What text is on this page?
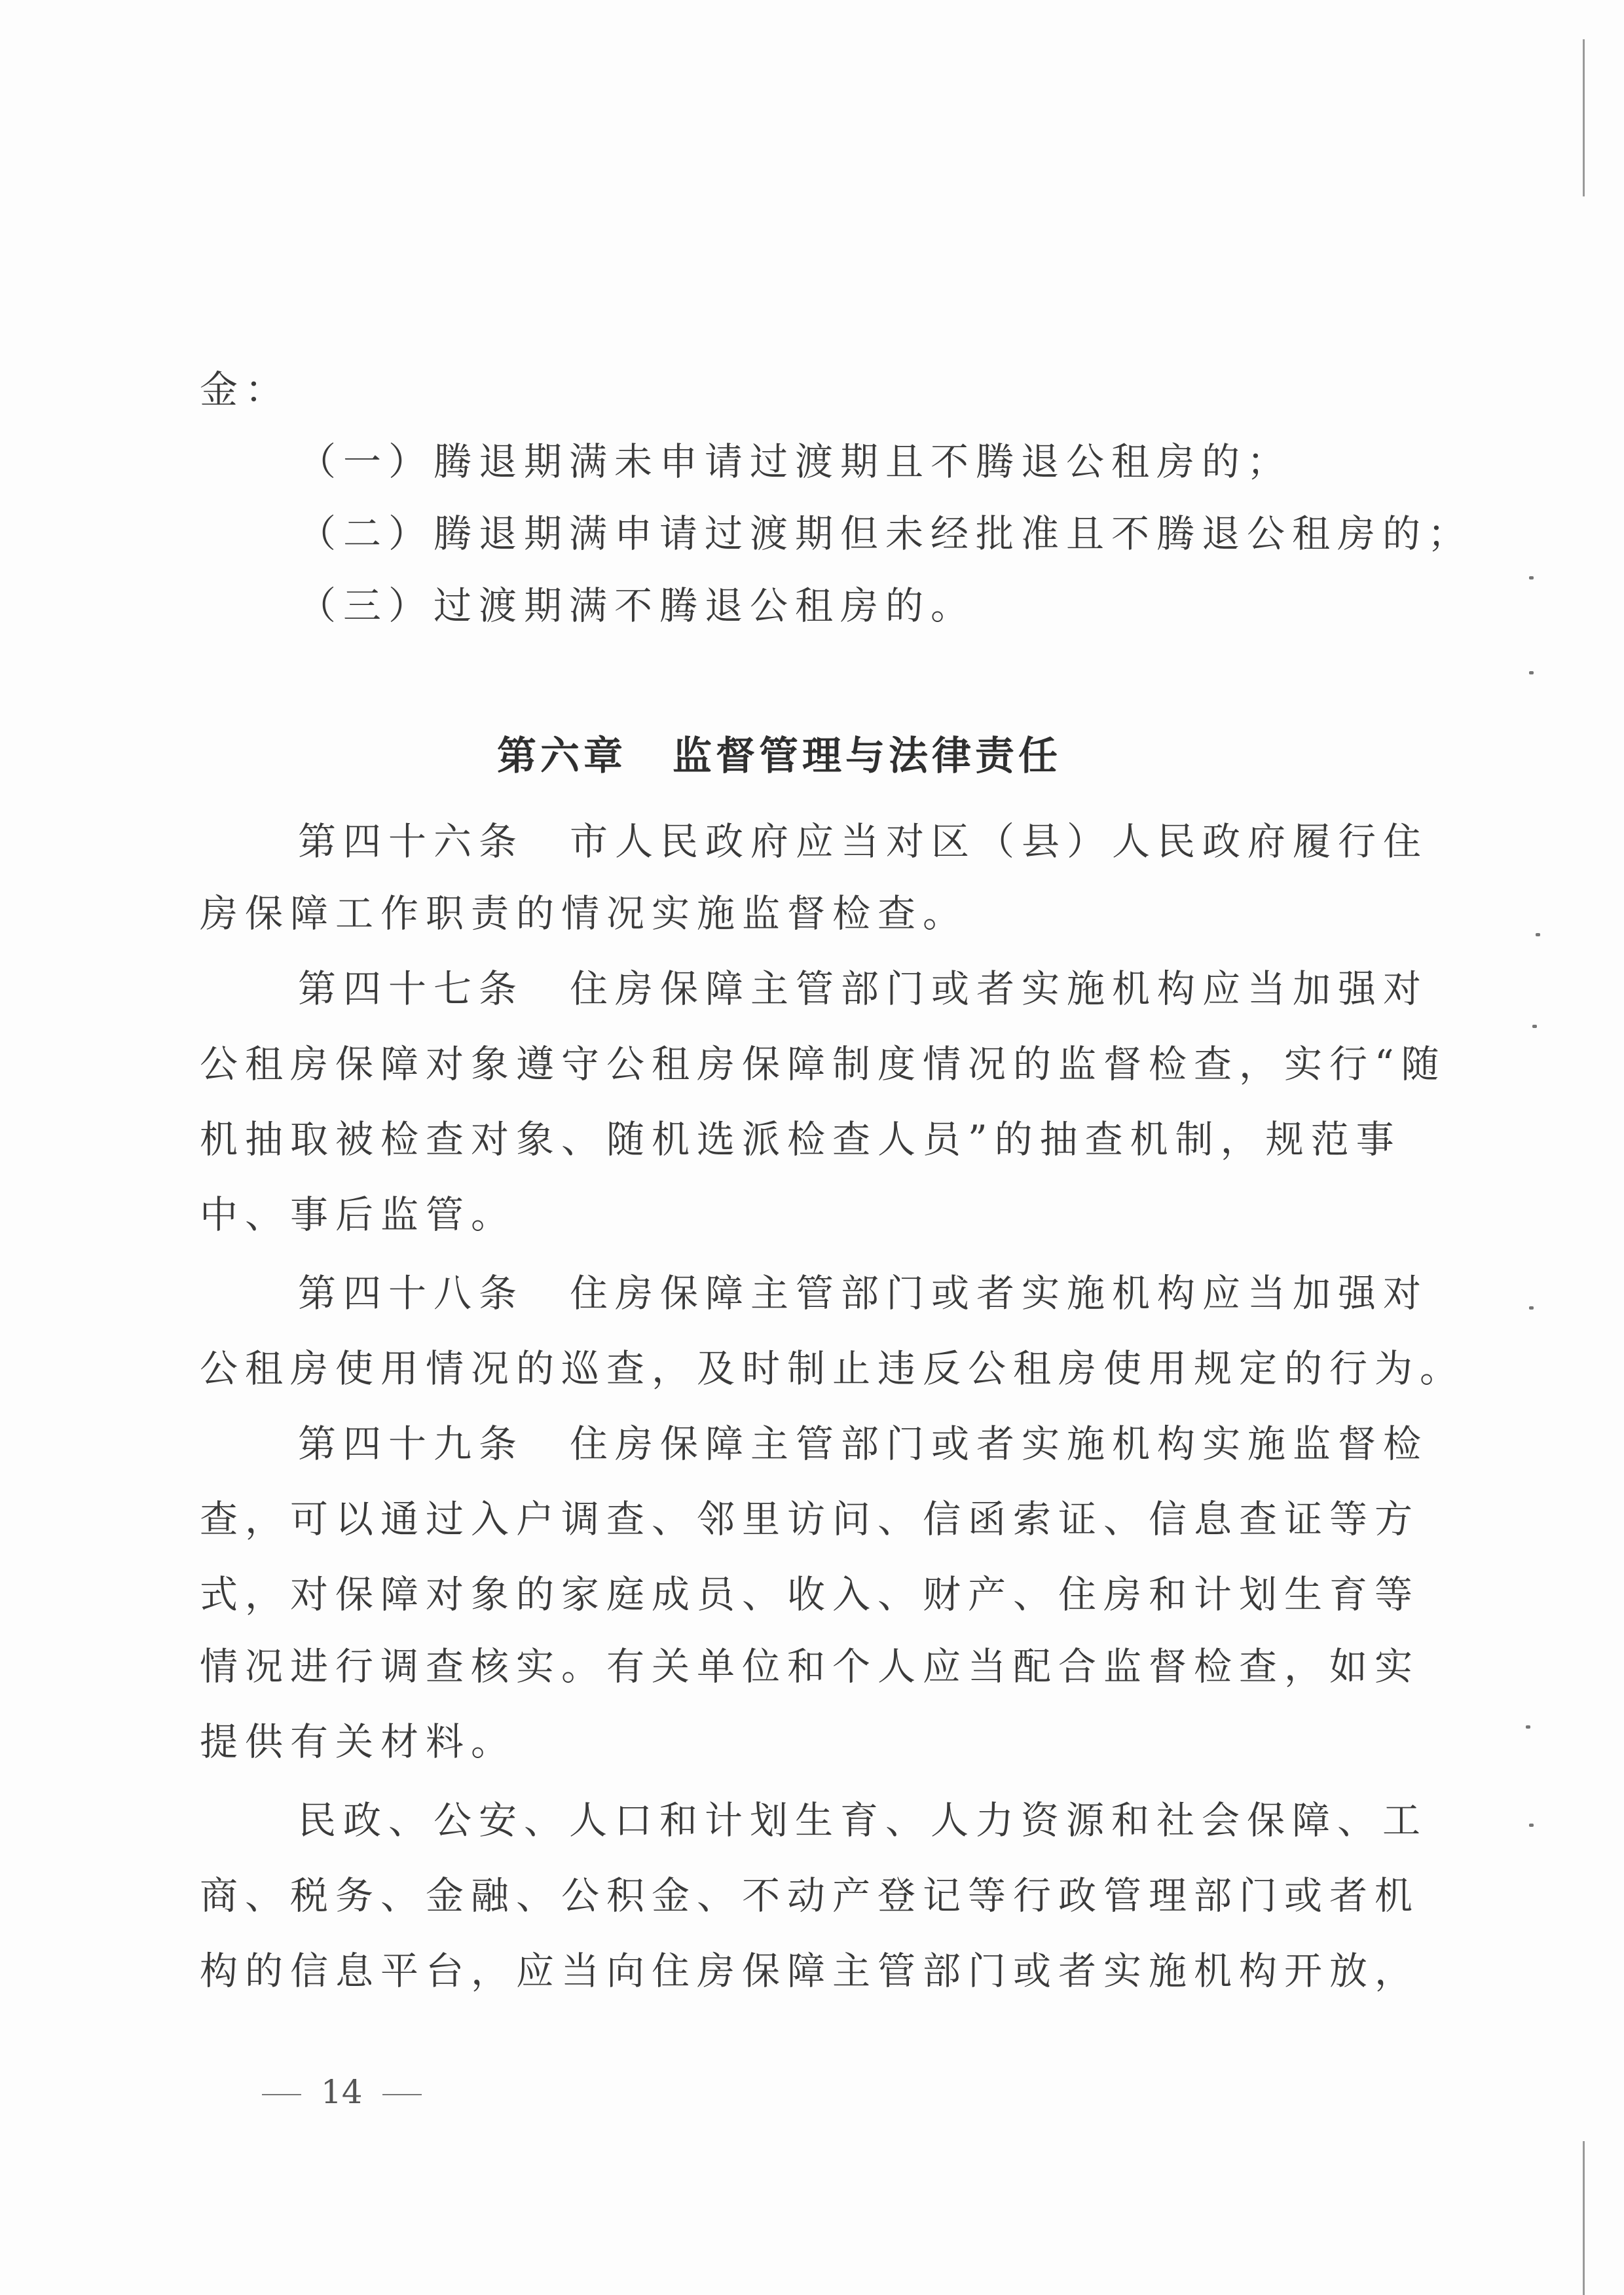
金：
（一）腾退期满未申请过渡期且不腾退公租房的；
（二）腾退期满申请过渡期但未经批准且不腾退公租房的；
（三）过渡期满不腾退公租房的。
第六章 监督管理与法律责任
第四十六条 市人民政府应当对区（县）人民政府履行住
房保障工作职责的情况实施监督检查。
第四十七条 住房保障主管部门或者实施机构应当加强对
公租房保障对象遵守公租房保障制度情况的监督检查，实行“随
机抽取被检查对象、随机选派检查人员”的抽查机制，规范事
中、事后监管。
第四十八条 住房保障主管部门或者实施机构应当加强对
公租房使用情况的巡查，及时制止违反公租房使用规定的行为。
第四十九条 住房保障主管部门或者实施机构实施监督检
查，可以通过入户调查、邻里访问、信函索证、信息查证等方
式，对保障对象的家庭成员、收入、财产、住房和计划生育等
情况进行调查核实。有关单位和个人应当配合监督检查，如实
提供有关材料。
民政、公安、人口和计划生育、人力资源和社会保障、工
商、税务、金融、公积金、不动产登记等行政管理部门或者机
构的信息平台，应当向住房保障主管部门或者实施机构开放，
14
